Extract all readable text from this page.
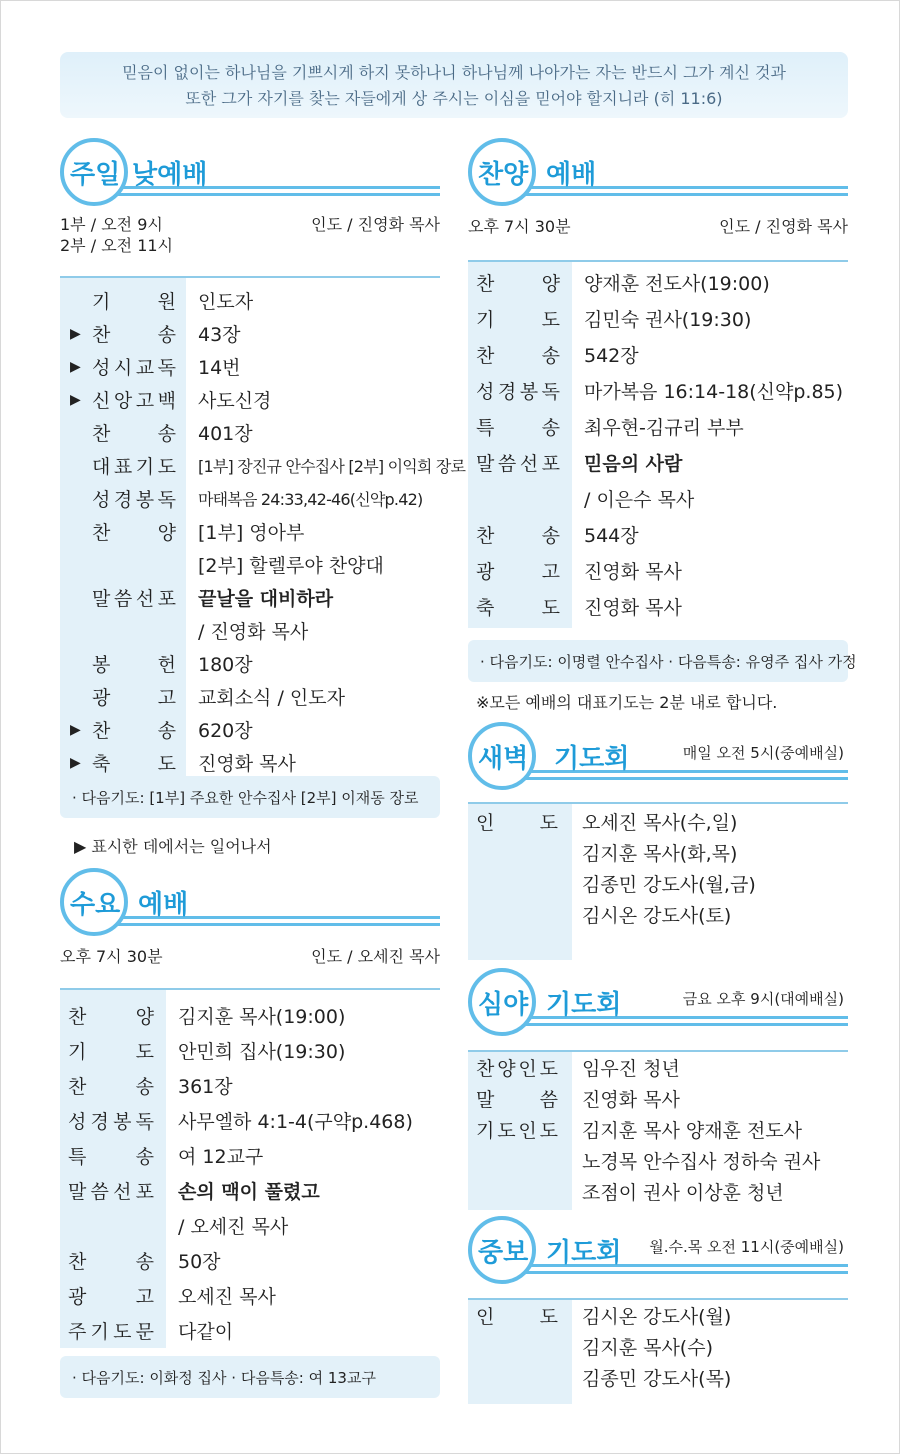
믿음이 없이는 하나님을 기쁘시게 하지 못하나니 하나님께 나아가는 자는 반드시 그가 계신 것과
또한 그가 자기를 찾는 자들에게 상 주시는 이심을 믿어야 할지니라 (히 11:6)
주일 낮예배
1부 / 오전 9시
2부 / 오전 11시
인도 / 진영화 목사
기 원 인도자
▶ 찬 송 43장
▶ 성 시 교 독 14번
▶ 신 앙 고 백 사도신경
찬 송 401장
대 표 기 도 [1부] 장진규 안수집사 [2부] 이익희 장로
성 경 봉 독 마태복음 24:33,42-46(신약p.42)
찬 양 [1부] 영아부
[2부] 할렐루야 찬양대
말 씀 선 포 끝날을 대비하라
/ 진영화 목사
봉 헌 180장
광 고 교회소식 / 인도자
▶ 찬 송 620장
▶ 축 도 진영화 목사
· 다음기도: [1부] 주요한 안수집사 [2부] 이재동 장로
▶ 표시한 데에서는 일어나서
수요 예배
오후 7시 30분	인도 / 오세진 목사
찬	양 김지훈 목사(19:00)
기	도 안민희 집사(19:30)
찬	송 361장
성 경 봉 독 사무엘하 4:1-4(구약p.468)
특	송 여 12교구
말 씀 선 포 손의 맥이 풀렸고
/ 오세진 목사
찬	송 50장
광	고 오세진 목사
주 기 도 문 다같이
· 다음기도: 이화정 집사 · 다음특송: 여 13교구
찬양 예배
오후 7시 30분	인도 / 진영화 목사
찬 양 양재훈 전도사(19:00)
기 도 김민숙 권사(19:30)
찬 송 542장
성 경 봉 독 마가복음 16:14-18(신약p.85)
특 송 최우현-김규리 부부
말 씀 선 포 믿음의 사람
/ 이은수 목사
찬 송 544장
광 고 진영화 목사
축 도 진영화 목사
· 다음기도: 이명렬 안수집사 · 다음특송: 유영주 집사 가정
※모든 예배의 대표기도는 2분 내로 합니다.
새벽 기도회	매일 오전 5시(중예배실)
인 도 오세진 목사(수,일)
김지훈 목사(화,목)
김종민 강도사(월,금)
김시온 강도사(토)
심야 기도회	금요 오후 9시(대예배실)
찬 양 인 도 임우진 청년
말 씀 진영화 목사
기 도 인 도 김지훈 목사 양재훈 전도사
노경목 안수집사 정하숙 권사
조점이 권사 이상훈 청년
중보 기도회 월.수.목 오전 11시(중예배실)
인 도 김시온 강도사(월)
김지훈 목사(수)
김종민 강도사(목)
